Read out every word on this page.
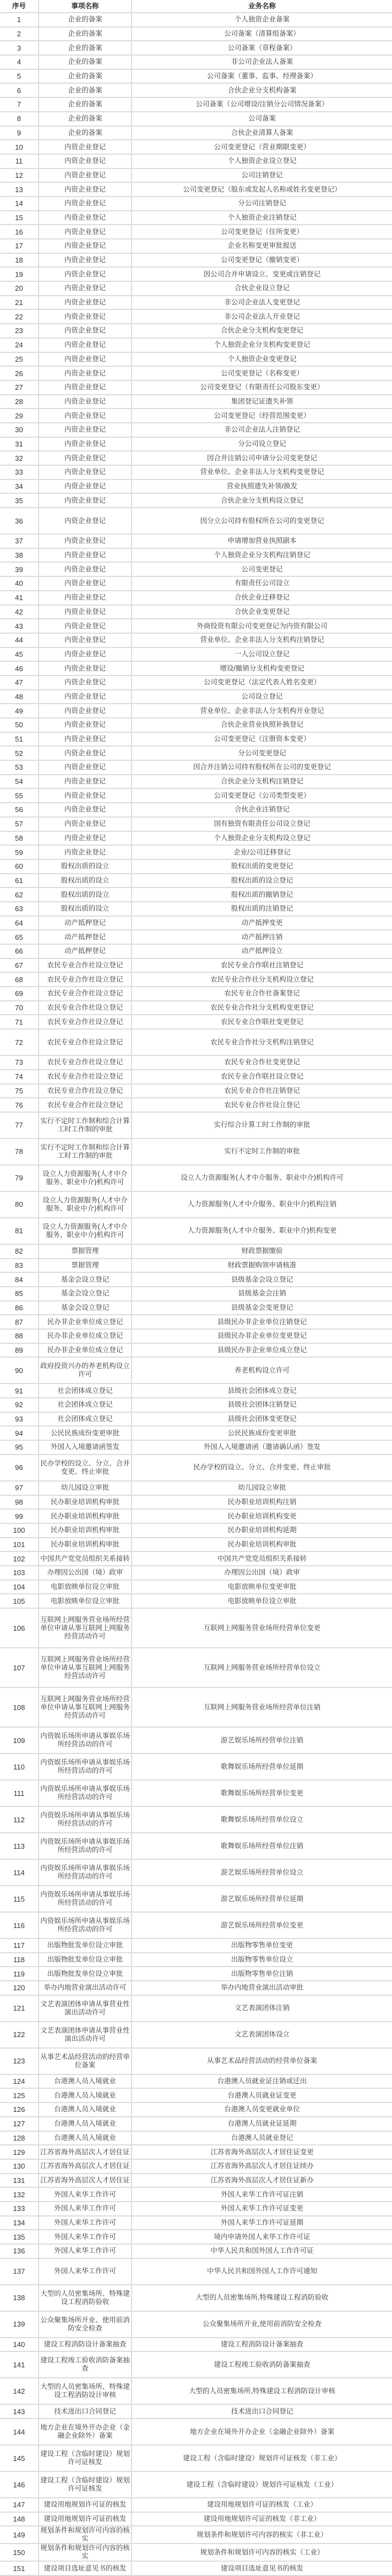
序号	事项名称	业务名称
1	企业的备案	个人独资企业备案
2	企业的备案	公司备案（清算组备案）
3	企业的备案	公司备案（章程备案）
4	企业的备案	非公司企业法人备案
5	企业的备案	公司备案（董事、监事、经理备案）
6	企业的备案	合伙企业分支机构备案
7	企业的备案	公司备案（公司增设/注销分公司情况备案）
8	企业的备案	公司备案
9	企业的备案	合伙企业清算人备案
10	内资企业登记	公司变更登记（营业期限变更）
11	内资企业登记	个人独资企业设立登记
12	内资企业登记	公司注销登记
13	内资企业登记	公司变更登记（股东或发起人名称或姓名变更登记）
14	内资企业登记	分公司注销登记
15	内资企业登记	个人独资企业注销登记
16	内资企业登记	公司变更登记（住所变更）
17	内资企业登记	企业名称变更审批报送
18	内资企业登记	公司变更登记（撤销变更）
19	内资企业登记	因公司合并申请设立、变更或注销登记
20	内资企业登记	合伙企业设立登记
21	内资企业登记	非公司企业法人变更登记
22	内资企业登记	非公司企业法人开业登记
23	内资企业登记	合伙企业分支机构变更登记
24	内资企业登记	个人独资企业分支机构变更登记
25	内资企业登记	个人独资企业变更登记
26	内资企业登记	公司变更登记（名称变更）
27	内资企业登记	公司变更登记（有限责任公司股东变更）
28	内资企业登记	集团登记证遗失补领
29	内资企业登记	公司变更登记（经营范围变更）
30	内资企业登记	非公司企业法人注销登记
31	内资企业登记	分公司设立登记
32	内资企业登记	因合并注销公司申请分公司变更登记
33	内资企业登记	营业单位、企业非法人分支机构变更登记
34	内资企业登记	营业执照遗失补领/换发
35	内资企业登记	合伙企业分支机构设立登记
36	内资企业登记	因分立公司持有股权所在公司的变更登记
37	内资企业登记	申请增加营业执照副本
38	内资企业登记	个人独资企业分支机构注销登记
39	内资企业登记	公司变更登记
40	内资企业登记	有限责任公司设立
41	内资企业登记	合伙企业迁移登记
42	内资企业登记	合伙企业变更登记
43	内资企业登记	外商投资有限公司变更登记为内资有限公司
44	内资企业登记	营业单位、企业非法人分支机构注销登记
45	内资企业登记	一人公司设立登记
46	内资企业登记	增设/撤销分支机构变更登记
47	内资企业登记	公司变更登记（法定代表人姓名变更）
48	内资企业登记	公司设立登记
49	内资企业登记	营业单位、企业非法人分支机构开业登记
50	内资企业登记	合伙企业营业执照补换登记
51	内资企业登记	公司变更登记（注册资本变更）
52	内资企业登记	分公司变更登记
53	内资企业登记	因合并注销公司持有股权所在公司的变更登记
54	内资企业登记	合伙企业分支机构注销登记
55	内资企业登记	公司变更登记（公司类型变更）
56	内资企业登记	合伙企业注销登记
57	内资企业登记	国有独资有限责任公司设立登记
58	内资企业登记	个人独资企业分支机构设立登记
59	内资企业登记	企业/公司迁移登记
60	股权出质的设立	股权出质的变更登记
61	股权出质的设立	股权出质的设立登记
62	股权出质的设立	股权出质的撤销登记
63	股权出质的设立	股权出质的注销登记
64	动产抵押登记	动产抵押变更
65	动产抵押登记	动产抵押注销
66	动产抵押登记	动产抵押设立
67	农民专业合作社设立登记	农民专业合作联社注销登记
68	农民专业合作社设立登记	农民专业合作社分支机构设立登记
69	农民专业合作社设立登记	农民专业合作社备案登记
70	农民专业合作社设立登记	农民专业合作社分支机构变更登记
71	农民专业合作社设立登记	农民专业合作联社变更登记
72	农民专业合作社设立登记	农民专业合作社分支机构注销登记
73	农民专业合作社设立登记	农民专业合作社变更登记
74	农民专业合作社设立登记	农民专业合作联社设立登记
75	农民专业合作社设立登记	农民专业合作社注销登记
76	农民专业合作社设立登记	农民专业合作社设立登记
77	实行不定时工作制和综合计算工时工作制的审批	实行综合计算工时工作制的审批
78	实行不定时工作制和综合计算工时工作制的审批	实行不定时工作制的审批
79	设立人力资源服务(人才中介服务、职业中介)机构许可	设立人力资源服务(人才中介服务、职业中介)机构许可
80	设立人力资源服务(人才中介服务、职业中介)机构许可	人力资源服务(人才中介服务、职业中介)机构注销
81	设立人力资源服务(人才中介服务、职业中介)机构许可	人力资源服务(人才中介服务、职业中介)机构变更
82	票据管理	财政票据缴验
83	票据管理	财政票据购领申请核准
84	基金会设立登记	县级基金会设立登记
85	基金会设立登记	县级基金会注销
86	基金会设立登记	县级基金会变更登记
87	民办非企业单位成立登记	县级民办非企业单位注销登记
88	民办非企业单位成立登记	县级民办非企业单位变更登记
89	民办非企业单位成立登记	县级民办非企业单位成立登记
90	政府投资兴办的养老机构设立许可	养老机构设立许可
91	社会团体成立登记	县级社会团体成立登记
92	社会团体成立登记	县级社会团体注销登记
93	社会团体成立登记	县级社会团体变更登记
94	公民民族成份变更审批	公民民族成份变更审批
95	外国人入境邀请函签发	外国人入境邀请函（邀请确认函）签发
96	民办学校的设立、分立、合并变更、终止审批	民办学校的设立、分立、合并变更、终止审批
97	幼儿园设立审批	幼儿园设立审批
98	民办职业培训机构审批	民办职业培训机构注销
99	民办职业培训机构审批	民办职业培训机构变更
100	民办职业培训机构审批	民办职业培训机构延期
101	民办职业培训机构审批	民办职业培训机构审批
102	中国共产党党员组织关系接转	中国共产党党员组织关系接转
103	办理因公出国（境）政审	办理因公出国（境）政审
104	电影放映单位设立审批	电影放映单位变更审批
105	电影放映单位设立审批	电影放映单位设立审批
106	互联网上网服务营业场所经营单位申请从事互联网上网服务经营活动许可	互联网上网服务营业场所经营单位变更
107	互联网上网服务营业场所经营单位申请从事互联网上网服务经营活动许可	互联网上网服务营业场所经营单位设立
108	互联网上网服务营业场所经营单位申请从事互联网上网服务经营活动许可	互联网上网服务营业场所经营单位注销
109	内资娱乐场所申请从事娱乐场所经营活动的许可	游艺娱乐场所经营单位注销
110	内资娱乐场所申请从事娱乐场所经营活动的许可	歌舞娱乐场所经营单位延期
111	内资娱乐场所申请从事娱乐场所经营活动的许可	歌舞娱乐场所经营单位变更
112	内资娱乐场所申请从事娱乐场所经营活动的许可	歌舞娱乐场所经营单位设立
113	内资娱乐场所申请从事娱乐场所经营活动的许可	歌舞娱乐场所经营单位注销
114	内资娱乐场所申请从事娱乐场所经营活动的许可	游艺娱乐场所经营单位设立
115	内资娱乐场所申请从事娱乐场所经营活动的许可	游艺娱乐场所经营单位延期
116	内资娱乐场所申请从事娱乐场所经营活动的许可	游艺娱乐场所经营单位变更
117	出版物批发单位设立审批	出版物零售单位变更
118	出版物批发单位设立审批	出版物零售单位设立
119	出版物批发单位设立审批	出版物零售单位注销
120	举办内地营业演出活动许可	举办内地营业演出活动审批
121	文艺表演团体申请从事营业性演出活动许可	文艺表演团体注销
122	文艺表演团体申请从事营业性演出活动许可	文艺表演团体设立
123	从事艺术品经营活动的经营单位备案	从事艺术品经营活动的经营单位备案
124	台港澳人员入境就业	台港澳人员就业证注销或迁出
125	台港澳人员入境就业	台港澳人员就业证变更
126	台港澳人员入境就业	台港澳人员变更就业单位
127	台港澳人员入境就业	台港澳人员就业证延期
128	台港澳人员入境就业	台港澳人员就业登记
129	江苏省海外高层次人才居住证	江苏省海外高层次人才居住证变更
130	江苏省海外高层次人才居住证	江苏省海外高层次人才居住证续办
131	江苏省海外高层次人才居住证	江苏省海外高层次人才居住证新办
132	外国人来华工作许可	外国人来华工作许可证注销
133	外国人来华工作许可	外国人来华工作许可证变更
134	外国人来华工作许可	外国人来华工作许可证延期
135	外国人来华工作许可	境内申请外国人来华工作许可证
136	外国人来华工作许可	中华人民共和国外国人工作许可证
137	外国人来华工作许可	中华人民共和国外国人工作许可通知
138	大型的人员密集场所、特殊建设工程消防验收	大型的人员密集场所,特殊建设工程消防验收
139	公众聚集场所开业、使用前消防安全检查	公众聚集场所开业,使用前消防安全检查
140	建设工程消防设计备案抽查	建设工程消防设计备案抽查
141	建设工程竣工验收消防备案抽查	建设工程竣工验收消防备案抽查
142	大型的人员密集场所、特殊建设工程消防设计审核	大型的人员密集场所,特殊建设工程消防设计审核
143	技术进出口合同登记	技术进出口合同登记
144	地方企业在境外开办企业（金融企业除外）备案	地方企业在境外开办企业（金融企业除外）备案
145	建设工程（含临时建设）规划许可证核发	建设工程（含临时建设）规划许可证核发（非工业）
146	建设工程（含临时建设）规划许可证核发	建设工程（含临时建设）规划许可证核发（工业）
147	建设用地规划许可证的核发	建设用地规划许可证的核发（工业）
148	建设用地规划许可证的核发	建设用地规划许可证的核发（非工业）
149	规划条件和规划许可内容的核实	规划条件和规划许可内容的核实（非工业）
150	规划条件和规划许可内容的核实	规划条件和规划许可内容的核实（工业）
151	建设项目选址意见书的核发	建设项目选址意见书的核发
